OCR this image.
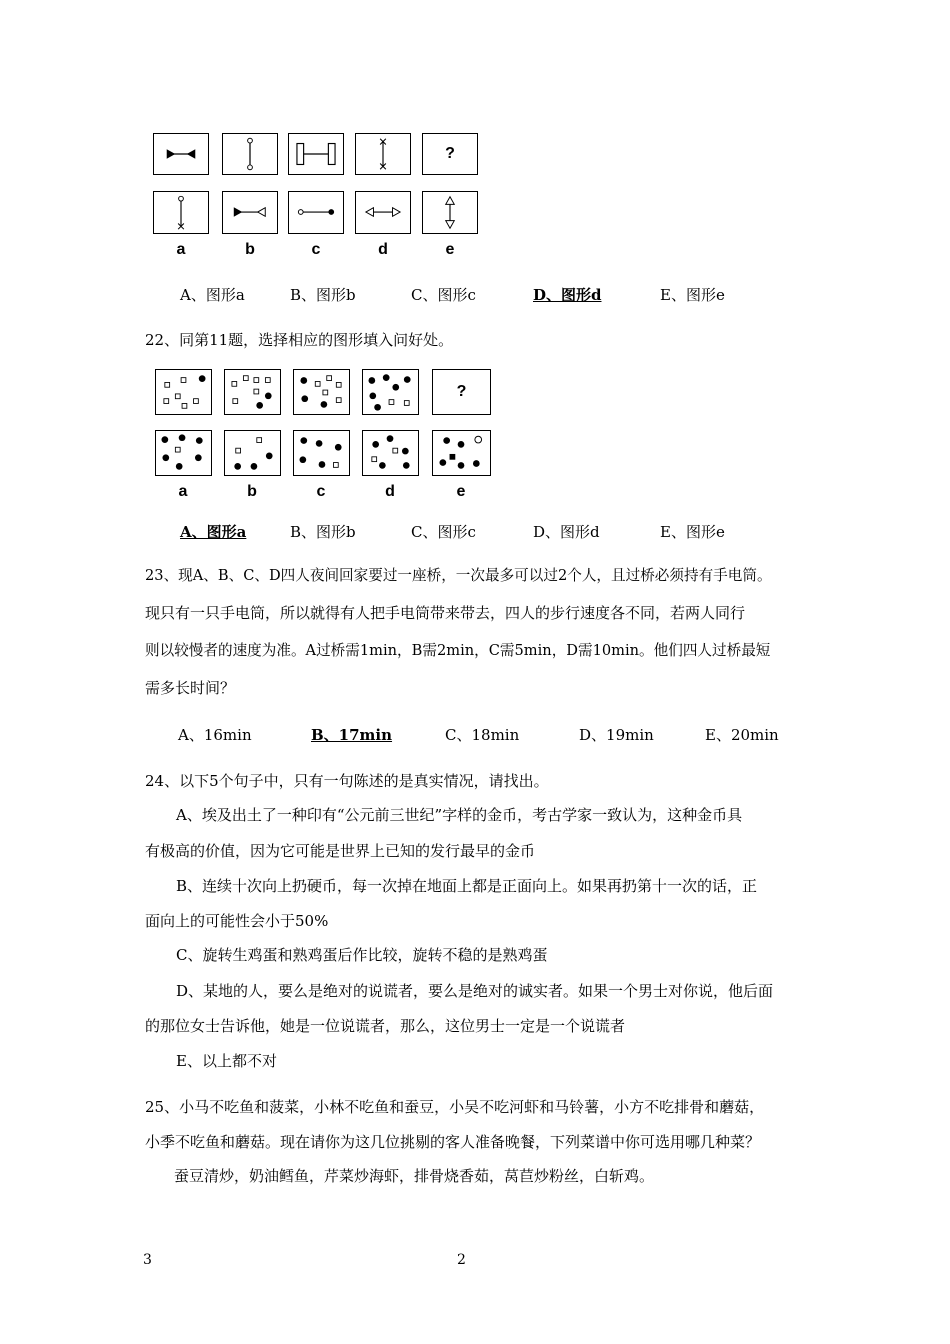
?
a	b	c	d	e
A、图形a	B、图形b	C、图形c	D、图形d	E、图形e
22、同第11题，选择相应的图形填入问好处。
?
a	b	c	d	e
A、图形a	B、图形b	C、图形c	D、图形d	E、图形e
23、现A、B、C、D四人夜间回家要过一座桥，一次最多可以过2个人，且过桥必须持有手电筒。
现只有一只手电筒，所以就得有人把手电筒带来带去，四人的步行速度各不同，若两人同行
则以较慢者的速度为准。A过桥需1min，B需2min，C需5min，D需10min。他们四人过桥最短
需多长时间？
A、16min	B、17min	C、18min	D、19min	E、20min
24、以下5个句子中，只有一句陈述的是真实情况，请找出。
A、埃及出土了一种印有“公元前三世纪”字样的金币，考古学家一致认为，这种金币具
有极高的价值，因为它可能是世界上已知的发行最早的金币
B、连续十次向上扔硬币，每一次掉在地面上都是正面向上。如果再扔第十一次的话，正
面向上的可能性会小于50%
C、旋转生鸡蛋和熟鸡蛋后作比较，旋转不稳的是熟鸡蛋
D、某地的人，要么是绝对的说谎者，要么是绝对的诚实者。如果一个男士对你说，他后面
的那位女士告诉他，她是一位说谎者，那么，这位男士一定是一个说谎者
E、以上都不对
25、小马不吃鱼和菠菜，小林不吃鱼和蚕豆，小吴不吃河虾和马铃薯，小方不吃排骨和蘑菇，
小季不吃鱼和蘑菇。现在请你为这几位挑剔的客人准备晚餐，下列菜谱中你可选用哪几种菜？
蚕豆清炒，奶油鳕鱼，芹菜炒海虾，排骨烧香茹，莴苣炒粉丝，白斩鸡。
3	2
